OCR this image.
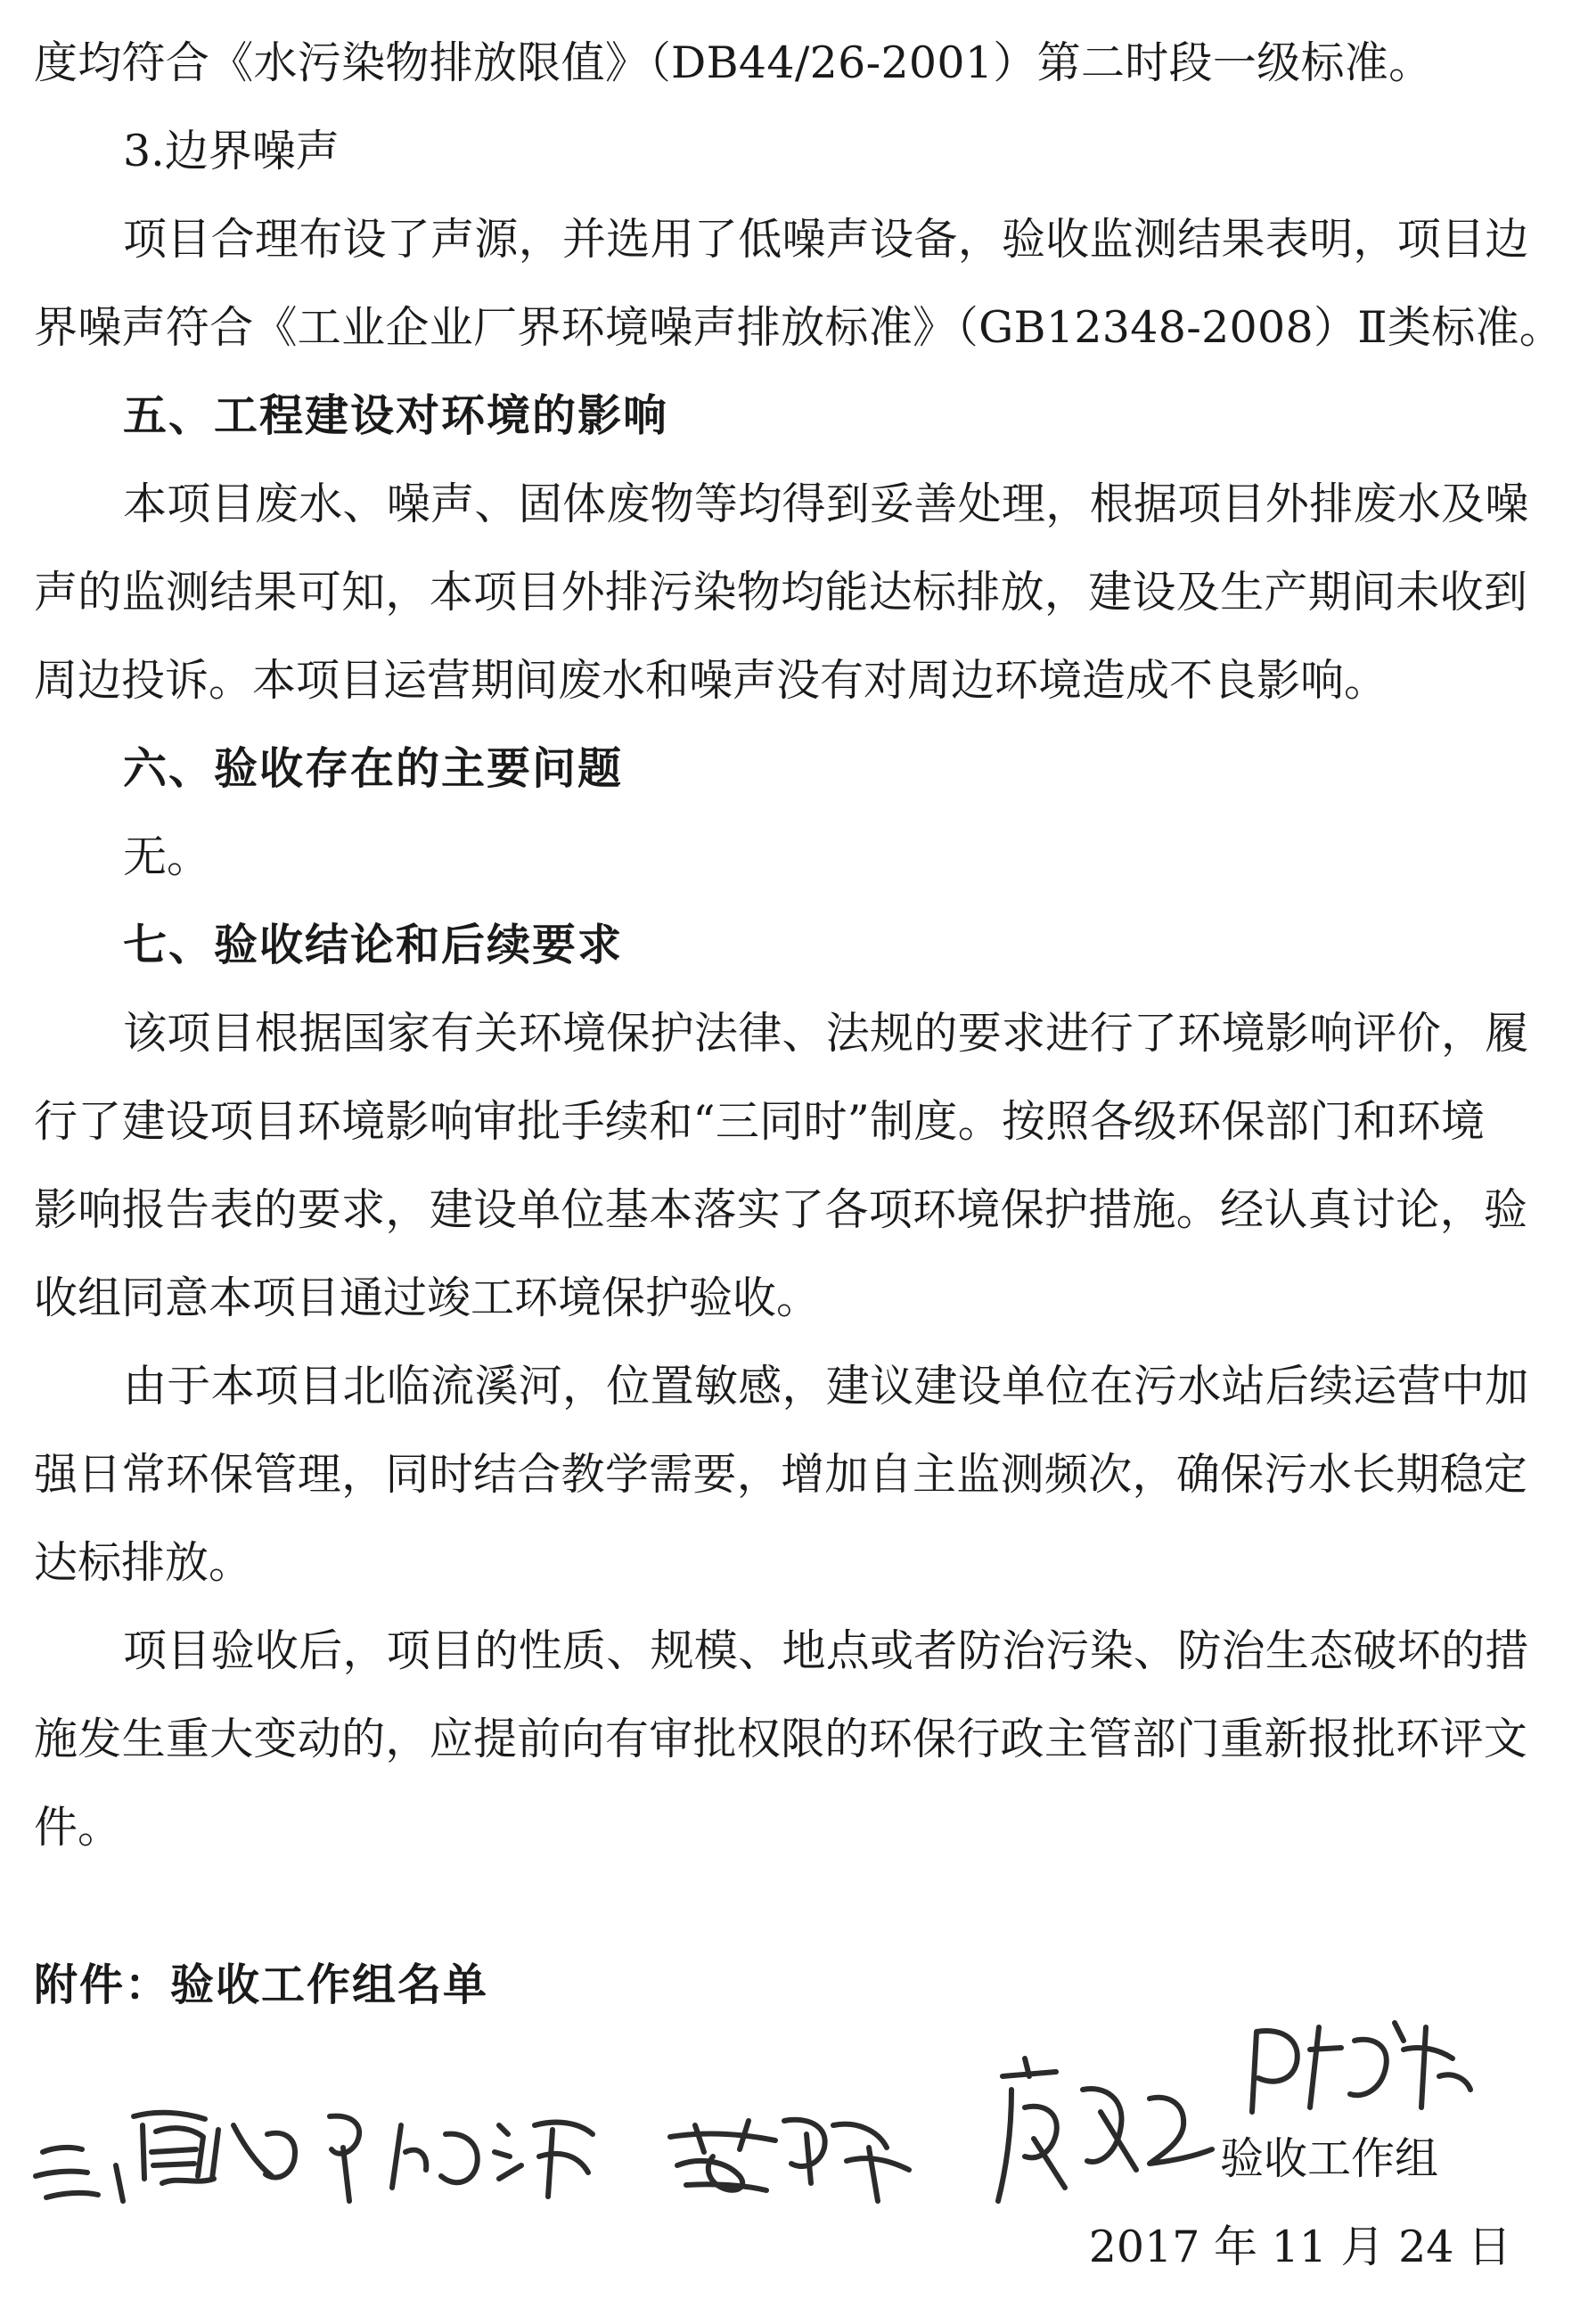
度均符合《水污染物排放限值》（DB44/26-2001）第二时段一级标准。

3.边界噪声

项目合理布设了声源，并选用了低噪声设备，验收监测结果表明，项目边

界噪声符合《工业企业厂界环境噪声排放标准》（GB12348-2008）Ⅱ类标准。

五、工程建设对环境的影响

本项目废水、噪声、固体废物等均得到妥善处理，根据项目外排废水及噪

声的监测结果可知，本项目外排污染物均能达标排放，建设及生产期间未收到

周边投诉。本项目运营期间废水和噪声没有对周边环境造成不良影响。

六、验收存在的主要问题

无。

七、验收结论和后续要求

该项目根据国家有关环境保护法律、法规的要求进行了环境影响评价，履

行了建设项目环境影响审批手续和“三同时”制度。按照各级环保部门和环境

影响报告表的要求，建设单位基本落实了各项环境保护措施。经认真讨论，验

收组同意本项目通过竣工环境保护验收。

由于本项目北临流溪河，位置敏感，建议建设单位在污水站后续运营中加

强日常环保管理，同时结合教学需要，增加自主监测频次，确保污水长期稳定

达标排放。

项目验收后，项目的性质、规模、地点或者防治污染、防治生态破坏的措

施发生重大变动的，应提前向有审批权限的环保行政主管部门重新报批环评文

件。

附件：验收工作组名单

验收工作组

2017 年 11 月 24 日
